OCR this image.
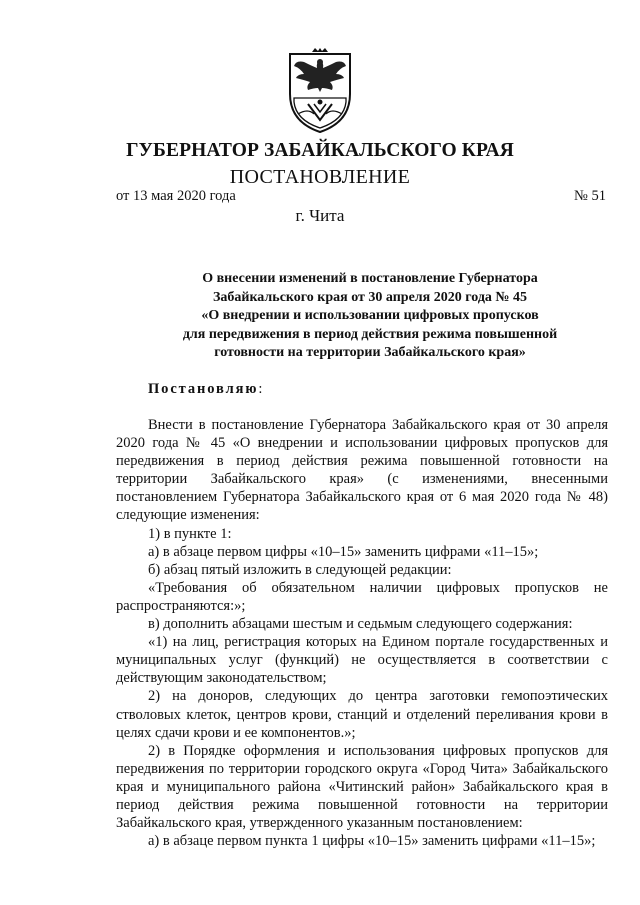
ГУБЕРНАТОР ЗАБАЙКАЛЬСКОГО КРАЯ
ПОСТАНОВЛЕНИЕ
от 13 мая 2020 года	№ 51
г. Чита
О внесении изменений в постановление Губернатора
Забайкальского края от 30 апреля 2020 года № 45
«О внедрении и использовании цифровых пропусков
для передвижения в период действия режима повышенной
готовности на территории Забайкальского края»
Постановляю:

Внести в постановление Губернатора Забайкальского края от 30 апреля 2020 года № 45 «О внедрении и использовании цифровых пропусков для передвижения в период действия режима повышенной готовности на территории Забайкальского края» (с изменениями, внесенными постановлением Губернатора Забайкальского края от 6 мая 2020 года № 48) следующие изменения:

1) в пункте 1:

а) в абзаце первом цифры «10–15» заменить цифрами «11–15»;

б) абзац пятый изложить в следующей редакции:

«Требования об обязательном наличии цифровых пропусков не распространяются:»;

в) дополнить абзацами шестым и седьмым следующего содержания:

«1) на лиц, регистрация которых на Едином портале государственных и муниципальных услуг (функций) не осуществляется в соответствии с действующим законодательством;

2) на доноров, следующих до центра заготовки гемопоэтических стволовых клеток, центров крови, станций и отделений переливания крови в целях сдачи крови и ее компонентов.»;

2) в Порядке оформления и использования цифровых пропусков для передвижения по территории городского округа «Город Чита» Забайкальского края и муниципального района «Читинский район» Забайкальского края в период действия режима повышенной готовности на территории Забайкальского края, утвержденного указанным постановлением:

а) в абзаце первом пункта 1 цифры «10–15» заменить цифрами «11–15»;
